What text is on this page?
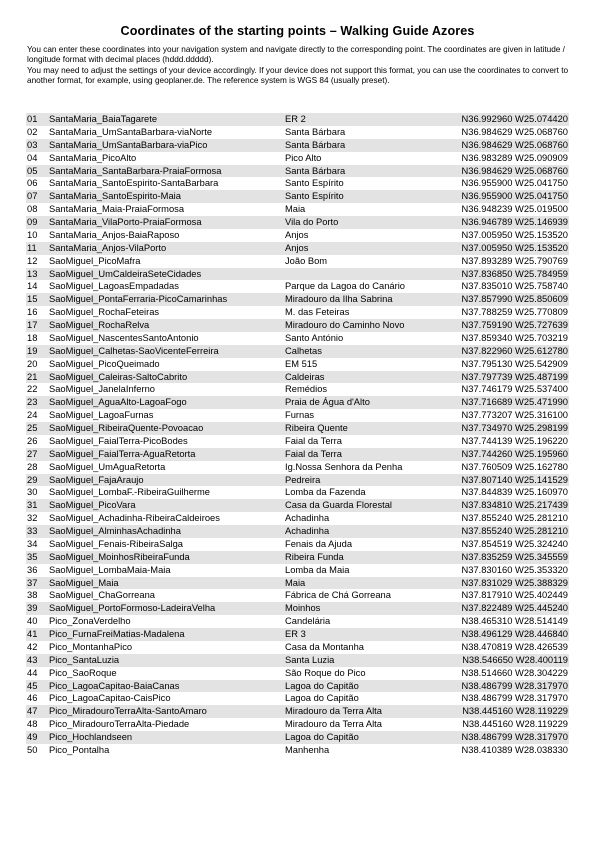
Coordinates of the starting points – Walking Guide Azores

You can enter these coordinates into your navigation system and navigate directly to the corresponding point. The coordinates are given in latitude / longitude format with decimal places (hddd.ddddd).

You may need to adjust the settings of your device accordingly. If your device does not support this format, you can use the coordinates to convert to another format, for example, using geoplaner.de. The reference system is WGS 84 (usually preset).

01	SantaMaria_BaiaTagarete	ER 2	N36.992960 W25.074420
02	SantaMaria_UmSantaBarbara-viaNorte	Santa Bárbara	N36.984629 W25.068760
03	SantaMaria_UmSantaBarbara-viaPico	Santa Bárbara	N36.984629 W25.068760
04	SantaMaria_PicoAlto	Pico Alto	N36.983289 W25.090909
05	SantaMaria_SantaBarbara-PraiaFormosa	Santa Bárbara	N36.984629 W25.068760
06	SantaMaria_SantoEspirito-SantaBarbara	Santo Espírito	N36.955900 W25.041750
07	SantaMaria_SantoEspirito-Maia	Santo Espírito	N36.955900 W25.041750
08	SantaMaria_Maia-PraiaFormosa	Maia	N36.948239 W25.019500
09	SantaMaria_VilaPorto-PraiaFormosa	Vila do Porto	N36.946789 W25.146939
10	SantaMaria_Anjos-BaiaRaposo	Anjos	N37.005950 W25.153520
11	SantaMaria_Anjos-VilaPorto	Anjos	N37.005950 W25.153520
12	SaoMiguel_PicoMafra	João Bom	N37.893289 W25.790769
13	SaoMiguel_UmCaldeiraSeteCidades		N37.836850 W25.784959
14	SaoMiguel_LagoasEmpadadas	Parque da Lagoa do Canário	N37.835010 W25.758740
15	SaoMiguel_PontaFerraria-PicoCamarinhas	Miradouro da Ilha Sabrina	N37.857990 W25.850609
16	SaoMiguel_RochaFeteiras	M. das Feteiras	N37.788259 W25.770809
17	SaoMiguel_RochaRelva	Miradouro do Caminho Novo	N37.759190 W25.727639
18	SaoMiguel_NascentesSantoAntonio	Santo António	N37.859340 W25.703219
19	SaoMiguel_Calhetas-SaoVicenteFerreira	Calhetas	N37.822960 W25.612780
20	SaoMiguel_PicoQueimado	EM 515	N37.795130 W25.542909
21	SaoMiguel_Caleiras-SaltoCabrito	Caldeiras	N37.797739 W25.487199
22	SaoMiguel_JanelaInferno	Remédios	N37.746179 W25.537400
23	SaoMiguel_AguaAlto-LagoaFogo	Praia de Água d'Alto	N37.716689 W25.471990
24	SaoMiguel_LagoaFurnas	Furnas	N37.773207 W25.316100
25	SaoMiguel_RibeiraQuente-Povoacao	Ribeira Quente	N37.734970 W25.298199
26	SaoMiguel_FaialTerra-PicoBodes	Faial da Terra	N37.744139 W25.196220
27	SaoMiguel_FaialTerra-AguaRetorta	Faial da Terra	N37.744260 W25.195960
28	SaoMiguel_UmAguaRetorta	Ig.Nossa Senhora da Penha	N37.760509 W25.162780
29	SaoMiguel_FajaAraujo	Pedreira	N37.807140 W25.141529
30	SaoMiguel_LombaF.-RibeiraGuilherme	Lomba da Fazenda	N37.844839 W25.160970
31	SaoMiguel_PicoVara	Casa da Guarda Florestal	N37.834810 W25.217439
32	SaoMiguel_Achadinha-RibeiraCaldeiroes	Achadinha	N37.855240 W25.281210
33	SaoMiguel_AlminhasAchadinha	Achadinha	N37.855240 W25.281210
34	SaoMiguel_Fenais-RibeiraSalga	Fenais da Ajuda	N37.854519 W25.324240
35	SaoMiguel_MoinhosRibeiraFunda	Ribeira Funda	N37.835259 W25.345559
36	SaoMiguel_LombaMaia-Maia	Lomba da Maia	N37.830160 W25.353320
37	SaoMiguel_Maia	Maia	N37.831029 W25.388329
38	SaoMiguel_ChaGorreana	Fábrica de Chá Gorreana	N37.817910 W25.402449
39	SaoMiguel_PortoFormoso-LadeiraVelha	Moinhos	N37.822489 W25.445240
40	Pico_ZonaVerdelho	Candelária	N38.465310 W28.514149
41	Pico_FurnaFreiMatias-Madalena	ER 3	N38.496129 W28.446840
42	Pico_MontanhaPico	Casa da Montanha	N38.470819 W28.426539
43	Pico_SantaLuzia	Santa Luzia	N38.546650 W28.400119
44	Pico_SaoRoque	São Roque do Pico	N38.514660 W28.304229
45	Pico_LagoaCapitao-BaiaCanas	Lagoa do Capitão	N38.486799 W28.317970
46	Pico_LagoaCapitao-CaisPico	Lagoa do Capitão	N38.486799 W28.317970
47	Pico_MiradouroTerraAlta-SantoAmaro	Miradouro da Terra Alta	N38.445160 W28.119229
48	Pico_MiradouroTerraAlta-Piedade	Miradouro da Terra Alta	N38.445160 W28.119229
49	Pico_Hochlandseen	Lagoa do Capitão	N38.486799 W28.317970
50	Pico_Pontalha	Manhenha	N38.410389 W28.038330
